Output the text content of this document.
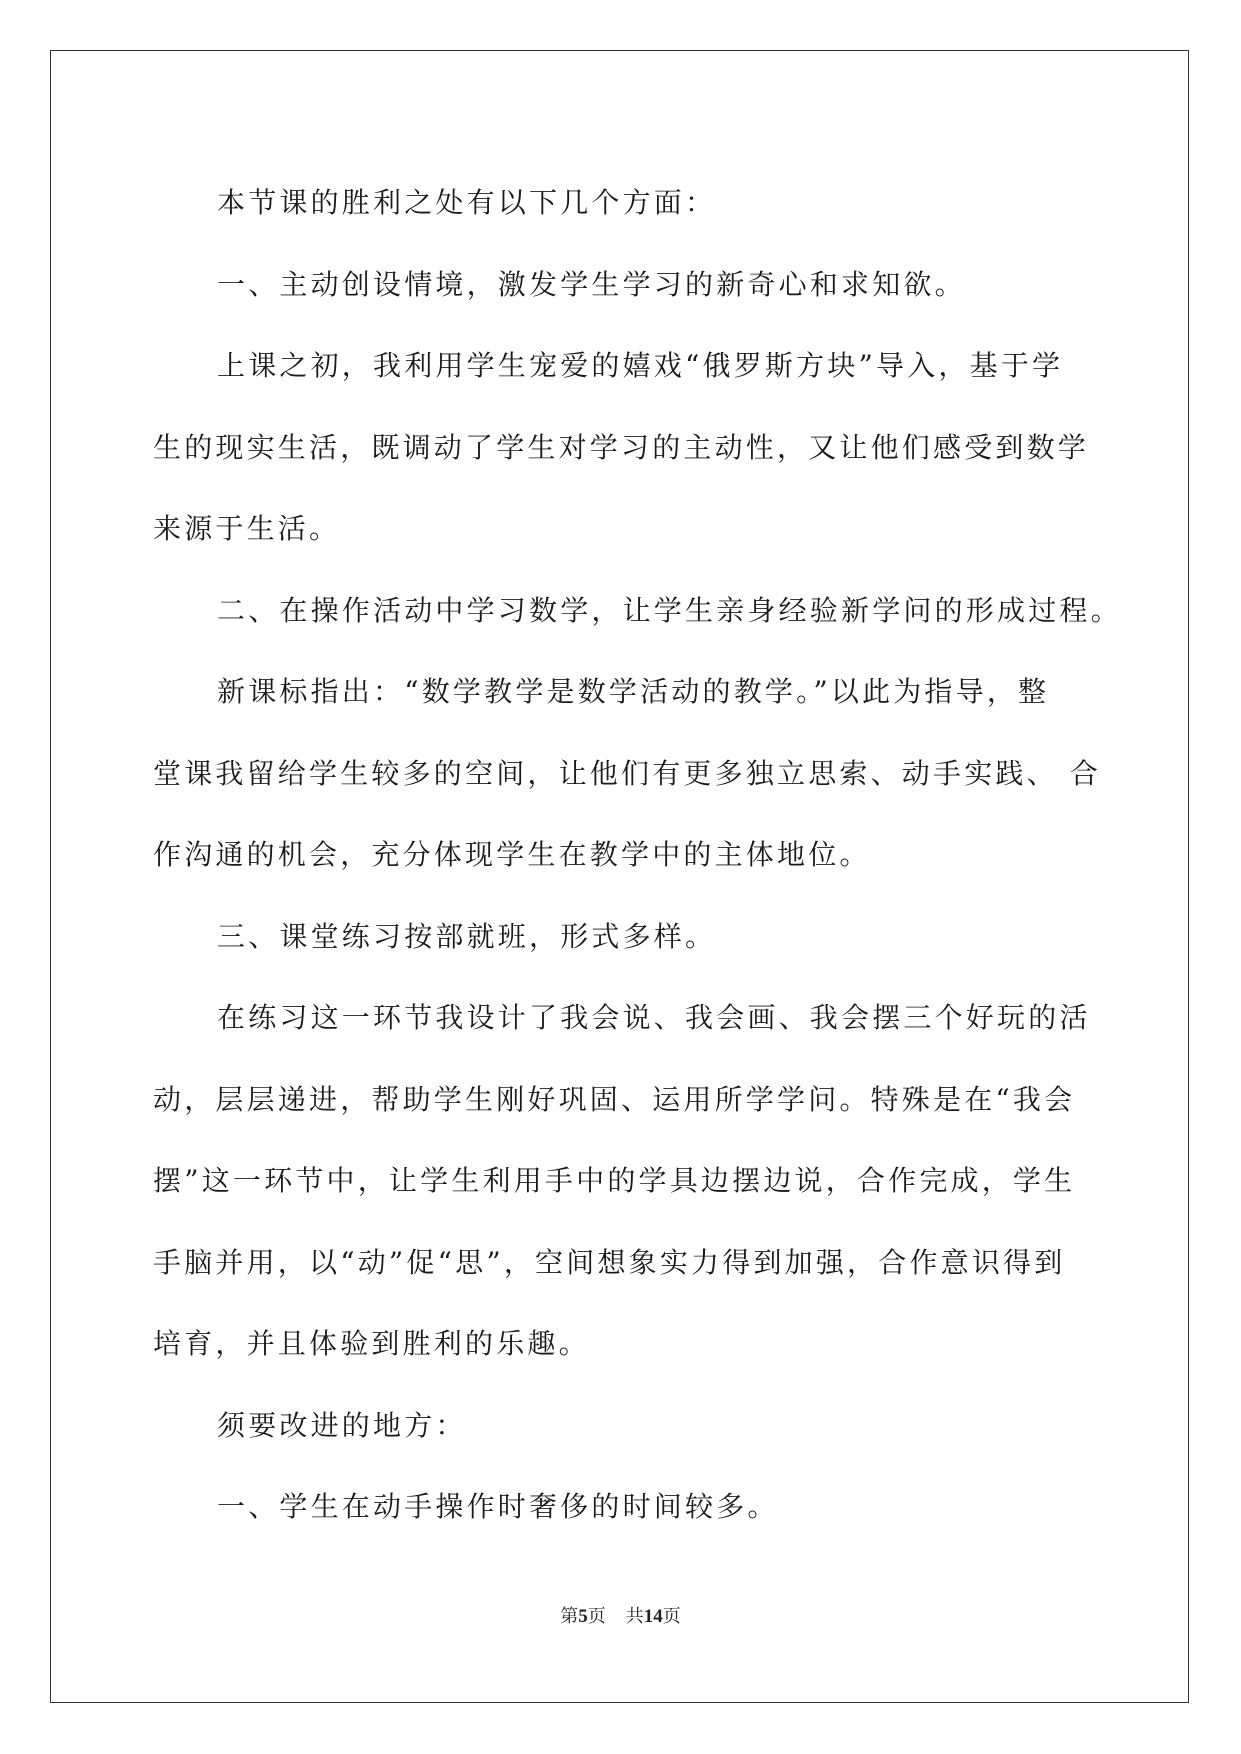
本节课的胜利之处有以下几个方面：
一、主动创设情境，激发学生学习的新奇心和求知欲。
上课之初，我利用学生宠爱的嬉戏“俄罗斯方块”导入，基于学
生的现实生活，既调动了学生对学习的主动性，又让他们感受到数学
来源于生活。
二、在操作活动中学习数学，让学生亲身经验新学问的形成过程。
新课标指出：“数学教学是数学活动的教学。”以此为指导，整
堂课我留给学生较多的空间，让他们有更多独立思索、动手实践、 合
作沟通的机会，充分体现学生在教学中的主体地位。
三、课堂练习按部就班，形式多样。
在练习这一环节我设计了我会说、我会画、我会摆三个好玩的活
动，层层递进，帮助学生刚好巩固、运用所学学问。特殊是在“我会
摆”这一环节中，让学生利用手中的学具边摆边说，合作完成，学生
手脑并用，以“动”促“思”，空间想象实力得到加强，合作意识得到
培育，并且体验到胜利的乐趣。
须要改进的地方：
一、学生在动手操作时奢侈的时间较多。
第5页 共14页
